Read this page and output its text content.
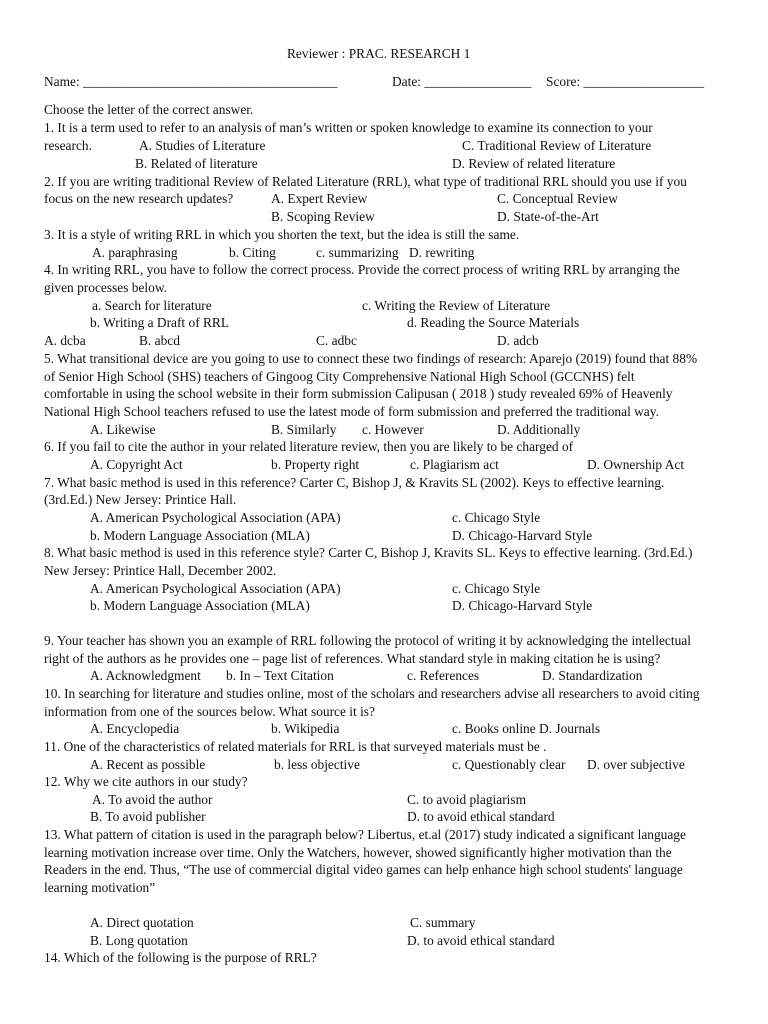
Reviewer : PRAC. RESEARCH 1
Name: ______________________________________	Date: ________________ Score: __________________
Choose the letter of the correct answer.
1. It is a term used to refer to an analysis of man’s written or spoken knowledge to examine its connection to your
research.	A. Studies of Literature	C. Traditional Review of Literature
B. Related of literature	D. Review of related literature
2. If you are writing traditional Review of Related Literature (RRL), what type of traditional RRL should you use if you
focus on the new research updates?	A. Expert Review	C. Conceptual Review
B. Scoping Review	D. State-of-the-Art
3. It is a style of writing RRL in which you shorten the text, but the idea is still the same.
A. paraphrasing	b. Citing	c. summarizing D. rewriting
4. In writing RRL, you have to follow the correct process. Provide the correct process of writing RRL by arranging the
given processes below.
a. Search for literature	c. Writing the Review of Literature
b. Writing a Draft of RRL	d. Reading the Source Materials
A. dcba	B. abcd	C. adbc	D. adcb
5. What transitional device are you going to use to connect these two findings of research: Aparejo (2019) found that 88%
of Senior High School (SHS) teachers of Gingoog City Comprehensive National High School (GCCNHS) felt
comfortable in using the school website in their form submission Calipusan ( 2018 ) study revealed 69% of Heavenly
National High School teachers refused to use the latest mode of form submission and preferred the traditional way.
A. Likewise	B. Similarly c. However	D. Additionally
6. If you fail to cite the author in your related literature review, then you are likely to be charged of
A. Copyright Act	b. Property right	c. Plagiarism act	D. Ownership Act
7. What basic method is used in this reference? Carter C, Bishop J, & Kravits SL (2002). Keys to effective learning.
(3rd.Ed.) New Jersey: Printice Hall.
A. American Psychological Association (APA)	c. Chicago Style
b. Modern Language Association (MLA)	D. Chicago-Harvard Style
8. What basic method is used in this reference style? Carter C, Bishop J, Kravits SL. Keys to effective learning. (3rd.Ed.)
New Jersey: Printice Hall, December 2002.
A. American Psychological Association (APA)	c. Chicago Style
b. Modern Language Association (MLA)	D. Chicago-Harvard Style
9. Your teacher has shown you an example of RRL following the protocol of writing it by acknowledging the intellectual
right of the authors as he provides one – page list of references. What standard style in making citation he is using?
A. Acknowledgment b. In – Text Citation	c. References	D. Standardization
10. In searching for literature and studies online, most of the scholars and researchers advise all researchers to avoid citing
information from one of the sources below. What source it is?
A. Encyclopedia	b. Wikipedia	c. Books online D. Journals
11. One of the characteristics of related materials for RRL is that surveyed materials must be .
A. Recent as possible	b. less objective	c. Questionably clear D. over subjective
12. Why we cite authors in our study?
A. To avoid the author	C. to avoid plagiarism
B. To avoid publisher	D. to avoid ethical standard
13. What pattern of citation is used in the paragraph below? Libertus, et.al (2017) study indicated a significant language
learning motivation increase over time. Only the Watchers, however, showed significantly higher motivation than the
Readers in the end. Thus, “The use of commercial digital video games can help enhance high school students' language
learning motivation”
A. Direct quotation	C. summary
B. Long quotation	D. to avoid ethical standard
14. Which of the following is the purpose of RRL?
